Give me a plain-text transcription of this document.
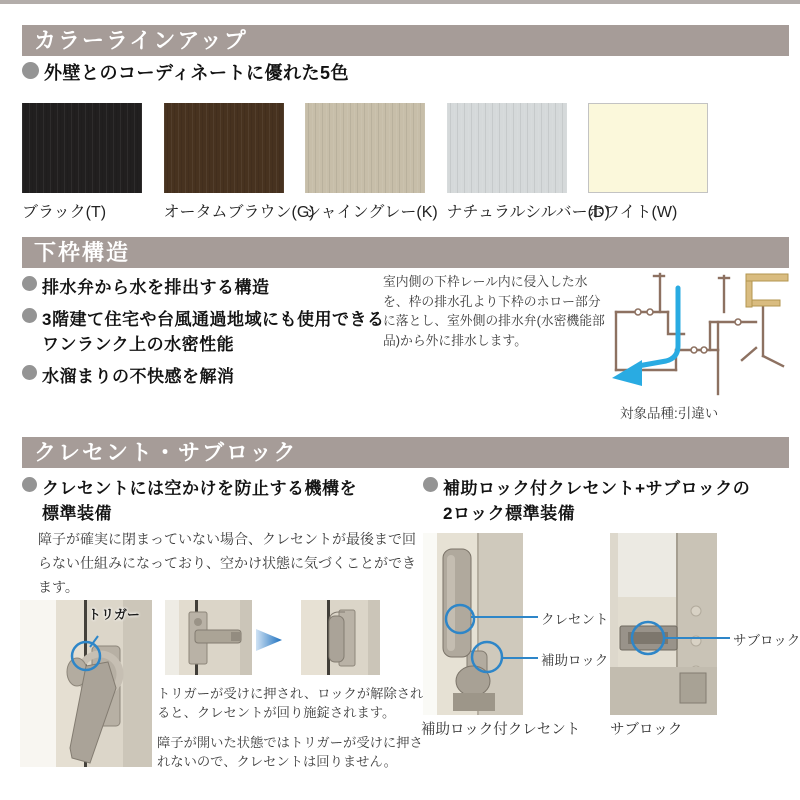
カラーラインアップ
外壁とのコーディネートに優れた5色
ブラック(T)	オータムブラウン(G)
シャイングレー(K) ナチュラルシルバー(D)
ホワイト(W)
下枠構造
排水弁から水を排出する構造
3階建て住宅や台風通過地域にも使用できる
ワンランク上の水密性能
水溜まりの不快感を解消
室内側の下枠レール内に侵入した水を、枠の排水孔より下枠のホロー部分に落とし、室外側の排水弁(水密機能部品)から外に排水します。
対象品種:引違い
クレセント・サブロック
クレセントには空かけを防止する機構を
標準装備
補助ロック付クレセント+サブロックの
2ロック標準装備
障子が確実に閉まっていない場合、クレセントが最後まで回らない仕組みになっており、空かけ状態に気づくことができます。
トリガー
トリガーが受けに押され、ロックが解除されると、クレセントが回り施錠されます。
障子が開いた状態ではトリガーが受けに押されないので、クレセントは回りません。
クレセント
補助ロック
サブロック
補助ロック付クレセント サブロック
